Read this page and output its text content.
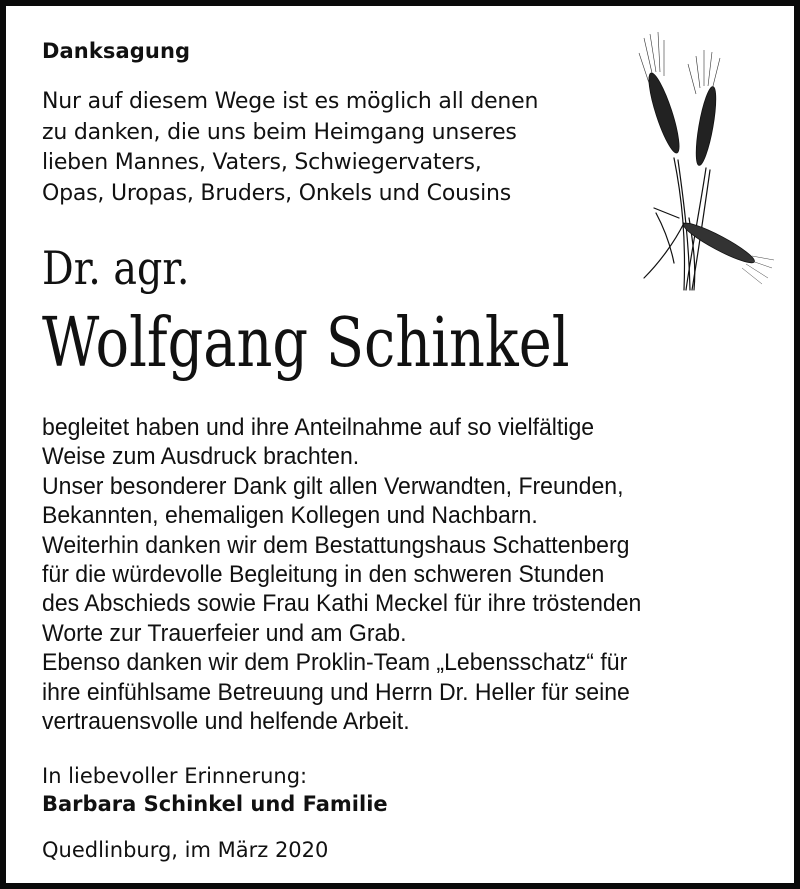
Danksagung
Nur auf diesem Wege ist es möglich all denen
zu danken, die uns beim Heimgang unseres
lieben Mannes, Vaters, Schwiegervaters,
Opas, Uropas, Bruders, Onkels und Cousins
Dr. agr.
Wolfgang Schinkel
begleitet haben und ihre Anteilnahme auf so vielfältige
Weise zum Ausdruck brachten.
Unser besonderer Dank gilt allen Verwandten, Freunden,
Bekannten, ehemaligen Kollegen und Nachbarn.
Weiterhin danken wir dem Bestattungshaus Schattenberg
für die würdevolle Begleitung in den schweren Stunden
des Abschieds sowie Frau Kathi Meckel für ihre tröstenden
Worte zur Trauerfeier und am Grab.
Ebenso danken wir dem Proklin-Team „Lebensschatz“ für
ihre einfühlsame Betreuung und Herrn Dr. Heller für seine
vertrauensvolle und helfende Arbeit.
In liebevoller Erinnerung:
Barbara Schinkel und Familie
Quedlinburg, im März 2020
